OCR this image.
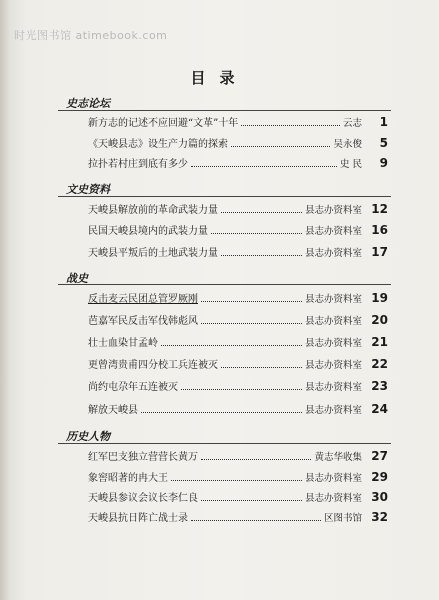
时光图书馆 atimebook.com
目录
史志论坛
新方志的记述不应回避“文革”十年	云志	1
《天峻县志》设生产力篇的探索	吴永俊	5
拉扑若村庄到底有多少	史 民	9
文史资料
天峻县解放前的革命武装力量	县志办资料室 12
民国天峻县境内的武装力量	县志办资料室 16
天峻县平叛后的土地武装力量	县志办资料室 17
战史
反击麦云民团总管罗厥刚	县志办资料室 19
芭嘉军民反击军伐韩彪风	县志办资料室 20
壮士血染甘孟岭	县志办资料室 21
更曾湾贵甫四分校工兵连被灭	县志办资料室 22
尚约屯尕年五连被灭	县志办资料室 23
解放天峻县	县志办资料室 24
历史人物
红军巴支独立营营长黄万	黄志华收集 27
象窖昭著的冉大王	县志办资料室 29
天峻县参议会议长李仁良	县志办资料室 30
天峻县抗日阵亡战士录	区图书馆 32
